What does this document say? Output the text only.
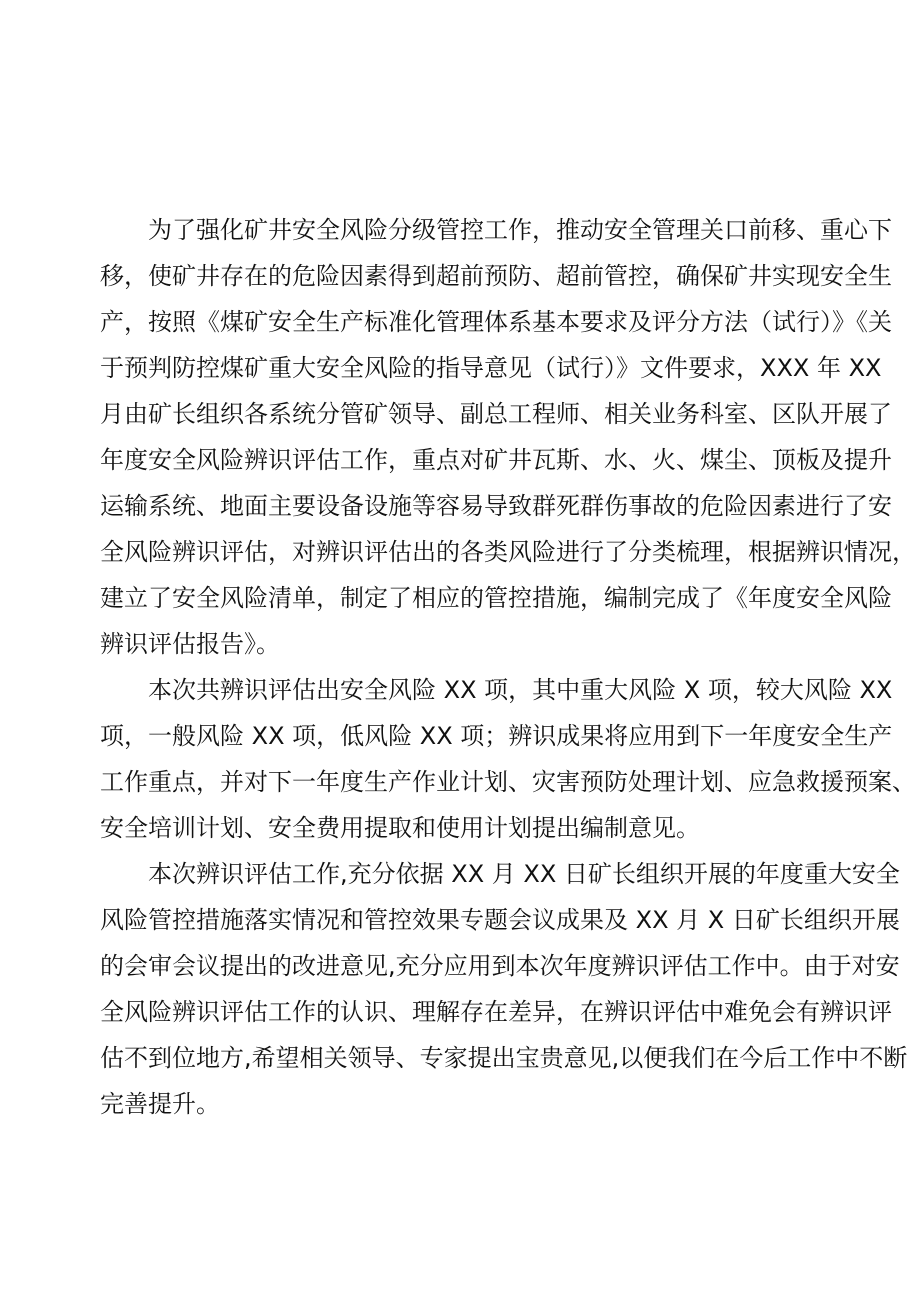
为了强化矿井安全风险分级管控工作，推动安全管理关口前移、重心下
移，使矿井存在的危险因素得到超前预防、超前管控，确保矿井实现安全生
产，按照《煤矿安全生产标准化管理体系基本要求及评分方法（试行）》《关
于预判防控煤矿重大安全风险的指导意见（试行）》文件要求，XXX 年 XX
月由矿长组织各系统分管矿领导、副总工程师、相关业务科室、区队开展了
年度安全风险辨识评估工作，重点对矿井瓦斯、水、火、煤尘、顶板及提升
运输系统、地面主要设备设施等容易导致群死群伤事故的危险因素进行了安
全风险辨识评估，对辨识评估出的各类风险进行了分类梳理，根据辨识情况，
建立了安全风险清单，制定了相应的管控措施，编制完成了《年度安全风险
辨识评估报告》。
本次共辨识评估出安全风险 XX 项，其中重大风险 X 项，较大风险 XX
项，一般风险 XX 项，低风险 XX 项；辨识成果将应用到下一年度安全生产
工作重点，并对下一年度生产作业计划、灾害预防处理计划、应急救援预案、
安全培训计划、安全费用提取和使用计划提出编制意见。
本次辨识评估工作,充分依据 XX 月 XX 日矿长组织开展的年度重大安全
风险管控措施落实情况和管控效果专题会议成果及 XX 月 X 日矿长组织开展
的会审会议提出的改进意见,充分应用到本次年度辨识评估工作中。由于对安
全风险辨识评估工作的认识、理解存在差异，在辨识评估中难免会有辨识评
估不到位地方,希望相关领导、专家提出宝贵意见,以便我们在今后工作中不断
完善提升。
